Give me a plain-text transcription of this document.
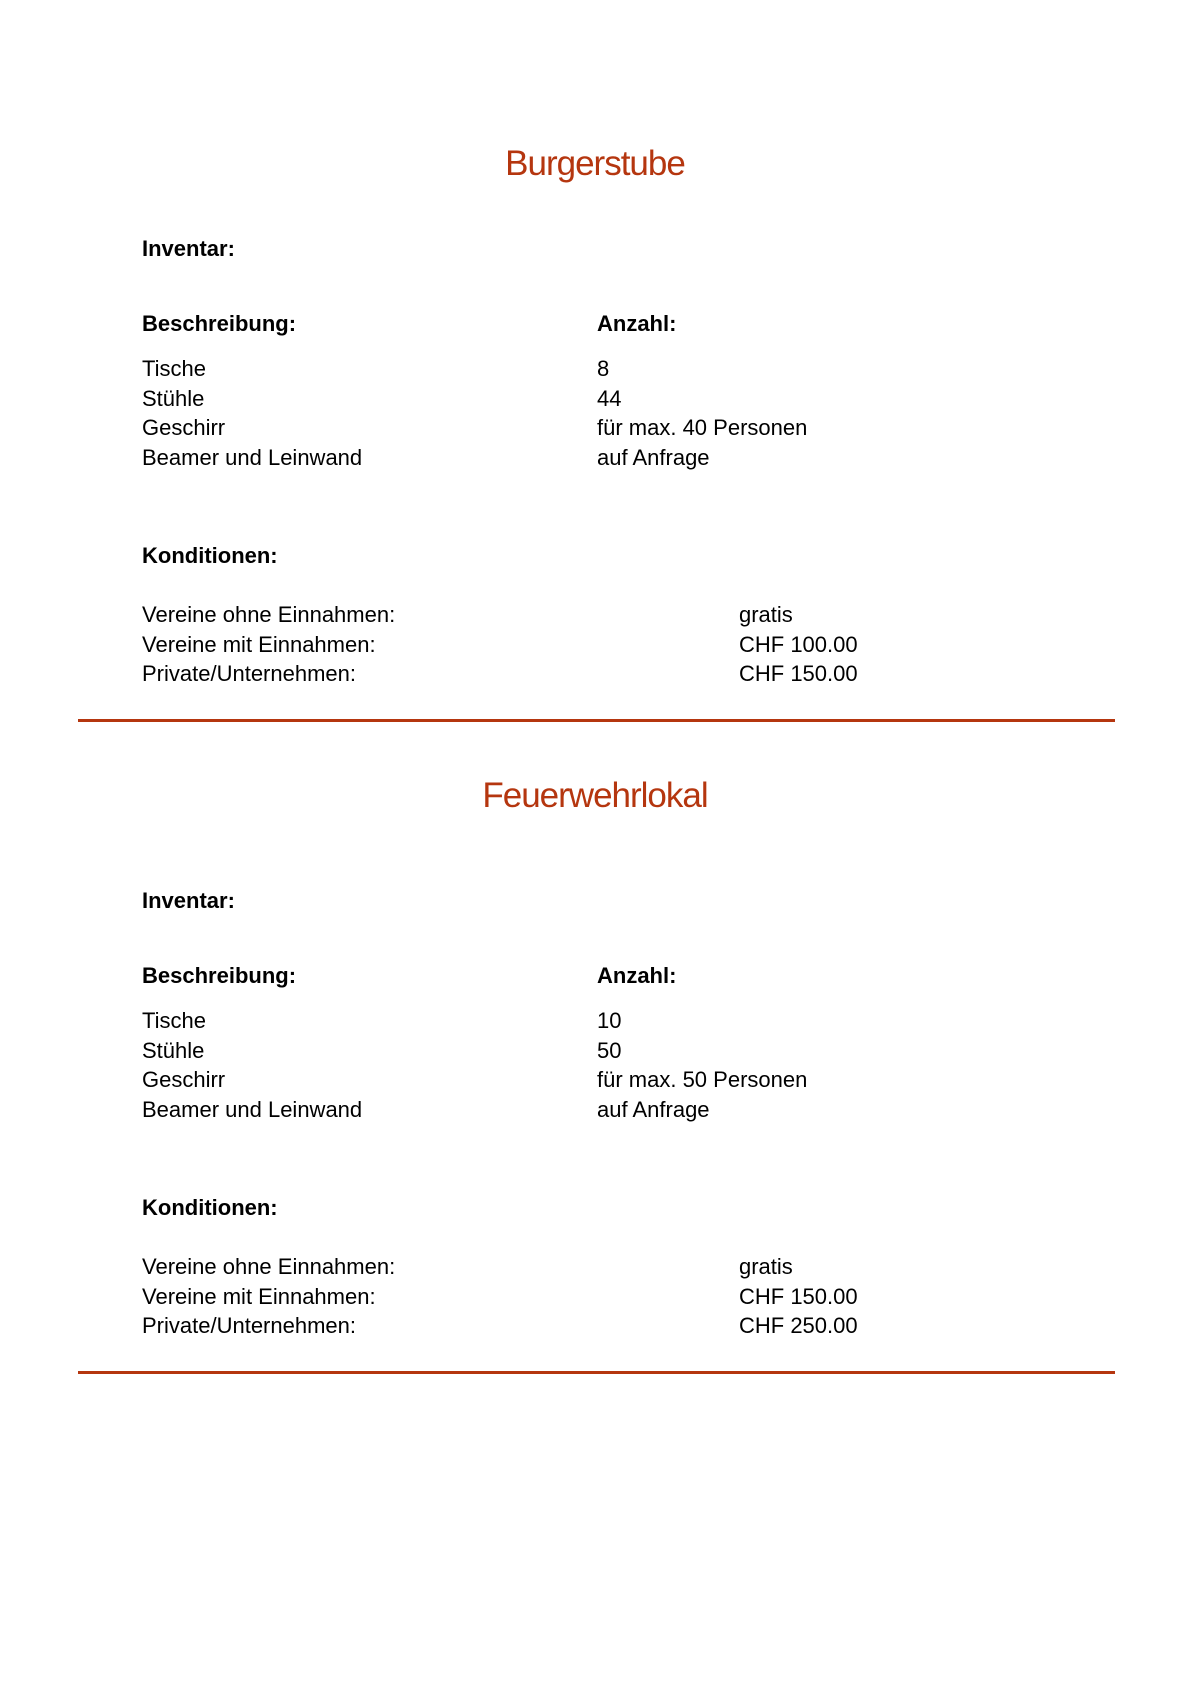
Burgerstube
Inventar:
Beschreibung:	Anzahl:
Tische	8
Stühle	44
Geschirr	für max. 40 Personen
Beamer und Leinwand	auf Anfrage
Konditionen:
Vereine ohne Einnahmen:	gratis
Vereine mit Einnahmen:	CHF 100.00
Private/Unternehmen:	CHF 150.00
Feuerwehrlokal
Inventar:
Beschreibung:	Anzahl:
Tische	10
Stühle	50
Geschirr	für max. 50 Personen
Beamer und Leinwand	auf Anfrage
Konditionen:
Vereine ohne Einnahmen:	gratis
Vereine mit Einnahmen:	CHF 150.00
Private/Unternehmen:	CHF 250.00
